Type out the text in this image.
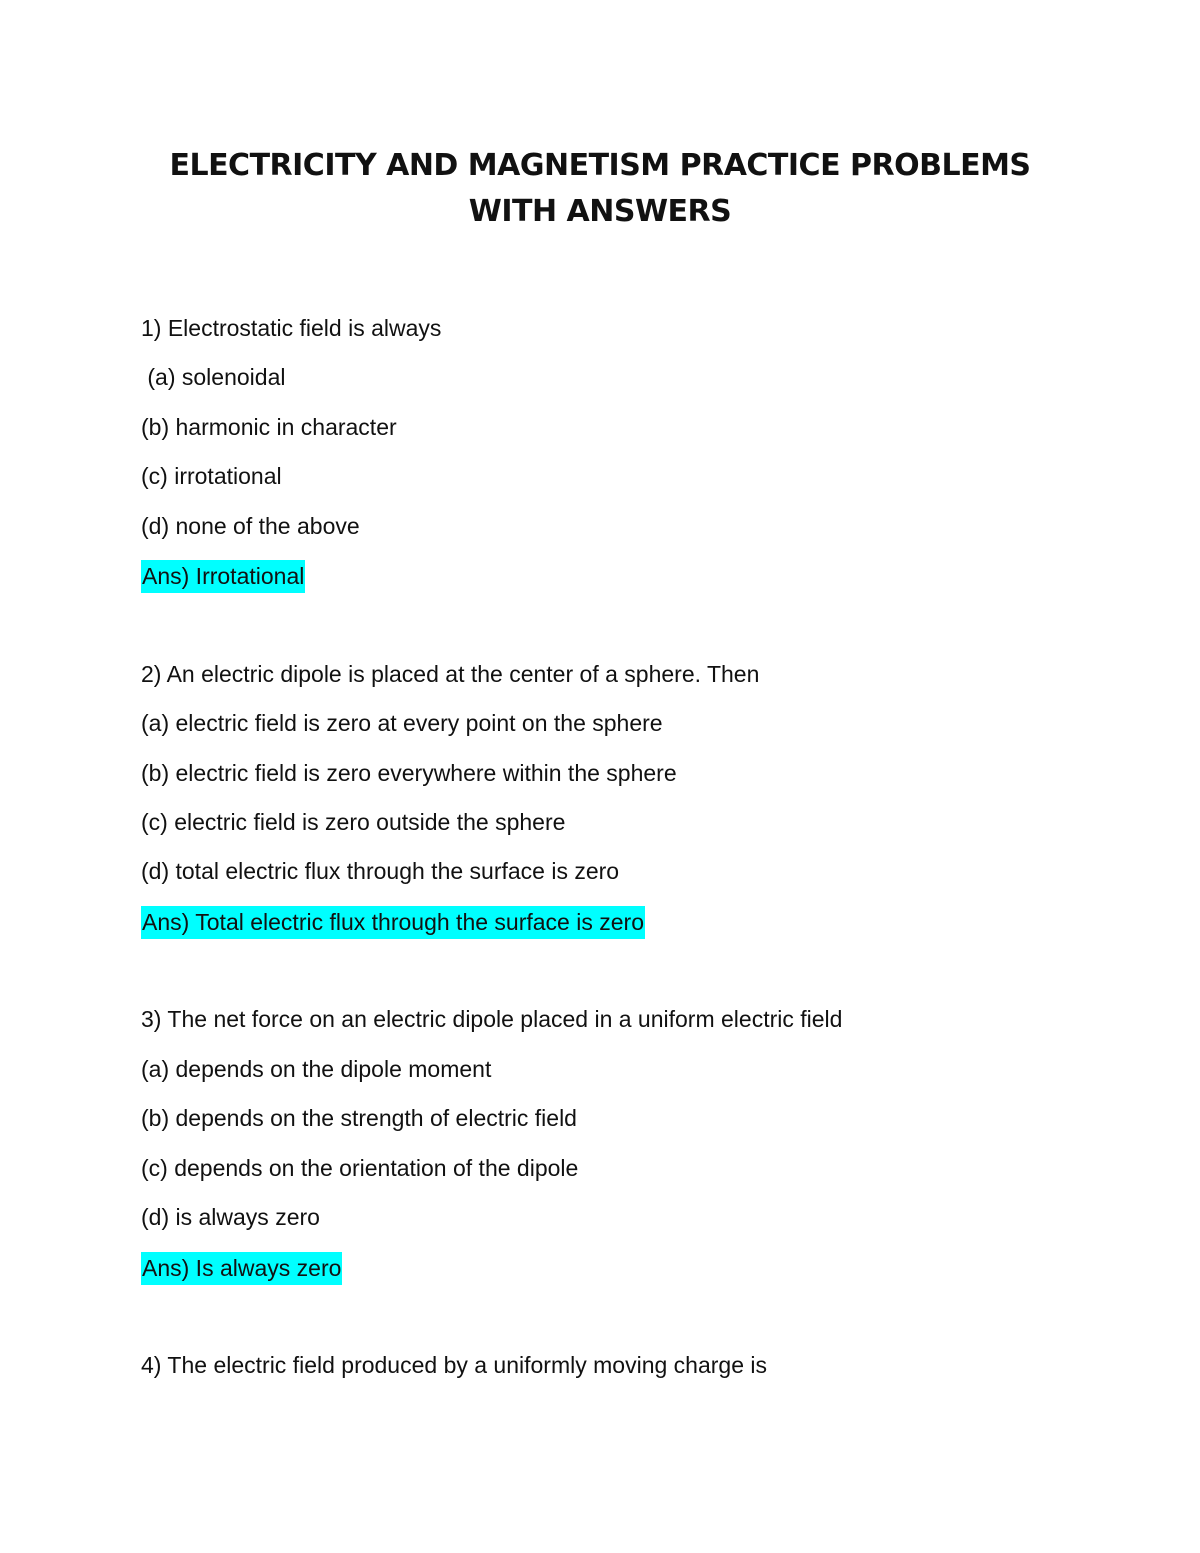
ELECTRICITY AND MAGNETISM PRACTICE PROBLEMS
WITH ANSWERS
1) Electrostatic field is always
(a) solenoidal
(b) harmonic in character
(c) irrotational
(d) none of the above
Ans) Irrotational
2) An electric dipole is placed at the center of a sphere. Then
(a) electric field is zero at every point on the sphere
(b) electric field is zero everywhere within the sphere
(c) electric field is zero outside the sphere
(d) total electric flux through the surface is zero
Ans) Total electric flux through the surface is zero
3) The net force on an electric dipole placed in a uniform electric field
(a) depends on the dipole moment
(b) depends on the strength of electric field
(c) depends on the orientation of the dipole
(d) is always zero
Ans) Is always zero
4) The electric field produced by a uniformly moving charge is
